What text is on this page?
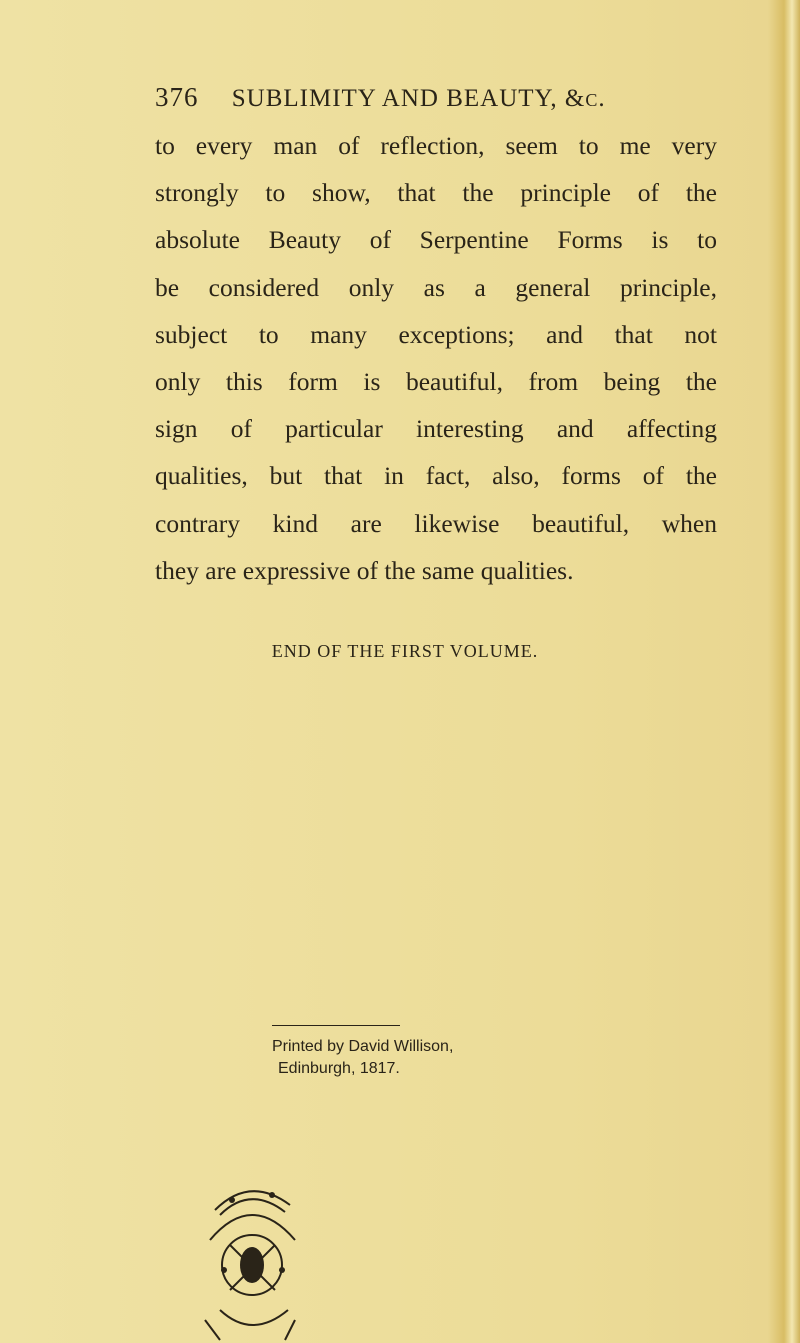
376 SUBLIMITY AND BEAUTY, &c.
to every man of reflection, seem to me very
strongly to show, that the principle of the
absolute Beauty of Serpentine Forms is to
be considered only as a general principle,
subject to many exceptions; and that not
only this form is beautiful, from being the
sign of particular interesting and affecting
qualities, but that in fact, also, forms of the
contrary kind are likewise beautiful, when
they are expressive of the same qualities.
END OF THE FIRST VOLUME.
Printed by David Willison,
Edinburgh, 1817.
